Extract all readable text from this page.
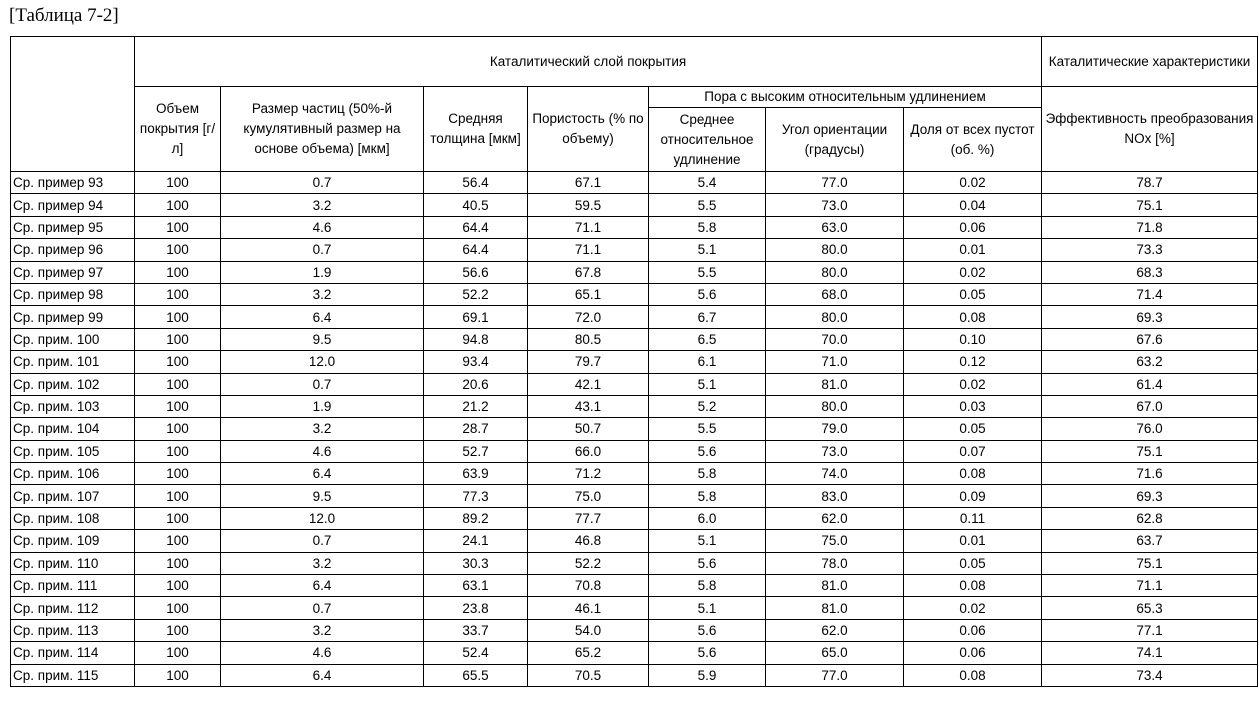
[Таблица 7-2]
	Каталитический слой покрытия	Каталитические характеристики
Объем покрытия [г/л]	Размер частиц (50%-й кумулятивный размер на основе объема) [мкм]	Средняя толщина [мкм]	Пористость (% по объему)	Пора с высоким относительным удлинением	Эффективность преобразования NOx [%]
Среднее относительное удлинение	Угол ориентации (градусы)	Доля от всех пустот (об. %)
Ср. пример 93	100	0.7	56.4	67.1	5.4	77.0	0.02	78.7
Ср. пример 94	100	3.2	40.5	59.5	5.5	73.0	0.04	75.1
Ср. пример 95	100	4.6	64.4	71.1	5.8	63.0	0.06	71.8
Ср. пример 96	100	0.7	64.4	71.1	5.1	80.0	0.01	73.3
Ср. пример 97	100	1.9	56.6	67.8	5.5	80.0	0.02	68.3
Ср. пример 98	100	3.2	52.2	65.1	5.6	68.0	0.05	71.4
Ср. пример 99	100	6.4	69.1	72.0	6.7	80.0	0.08	69.3
Ср. прим. 100	100	9.5	94.8	80.5	6.5	70.0	0.10	67.6
Ср. прим. 101	100	12.0	93.4	79.7	6.1	71.0	0.12	63.2
Ср. прим. 102	100	0.7	20.6	42.1	5.1	81.0	0.02	61.4
Ср. прим. 103	100	1.9	21.2	43.1	5.2	80.0	0.03	67.0
Ср. прим. 104	100	3.2	28.7	50.7	5.5	79.0	0.05	76.0
Ср. прим. 105	100	4.6	52.7	66.0	5.6	73.0	0.07	75.1
Ср. прим. 106	100	6.4	63.9	71.2	5.8	74.0	0.08	71.6
Ср. прим. 107	100	9.5	77.3	75.0	5.8	83.0	0.09	69.3
Ср. прим. 108	100	12.0	89.2	77.7	6.0	62.0	0.11	62.8
Ср. прим. 109	100	0.7	24.1	46.8	5.1	75.0	0.01	63.7
Ср. прим. 110	100	3.2	30.3	52.2	5.6	78.0	0.05	75.1
Ср. прим. 111	100	6.4	63.1	70.8	5.8	81.0	0.08	71.1
Ср. прим. 112	100	0.7	23.8	46.1	5.1	81.0	0.02	65.3
Ср. прим. 113	100	3.2	33.7	54.0	5.6	62.0	0.06	77.1
Ср. прим. 114	100	4.6	52.4	65.2	5.6	65.0	0.06	74.1
Ср. прим. 115	100	6.4	65.5	70.5	5.9	77.0	0.08	73.4
